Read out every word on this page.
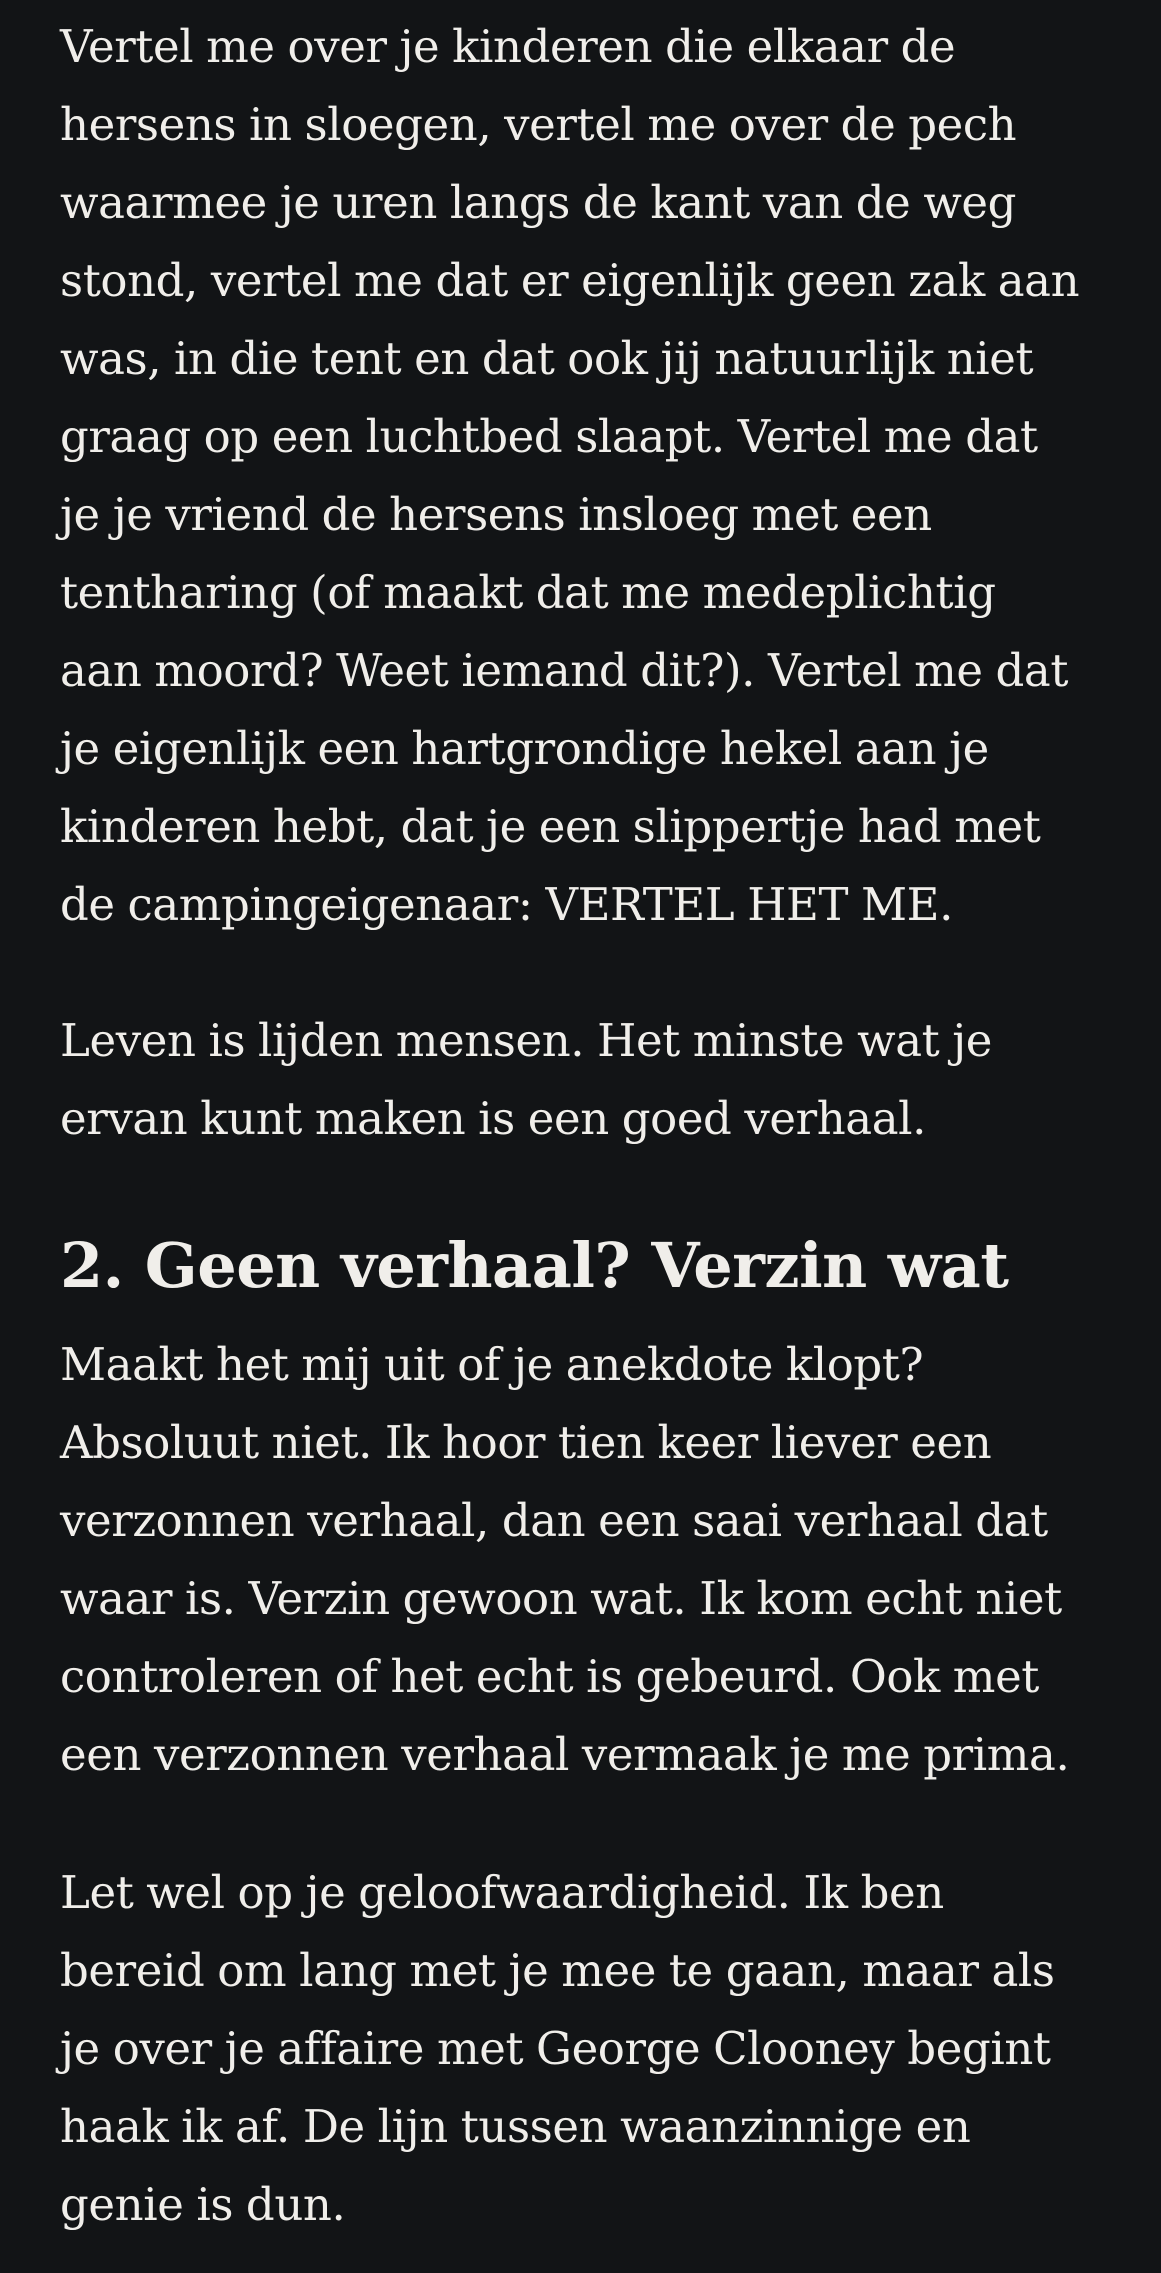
Vertel me over je kinderen die elkaar de
hersens in sloegen, vertel me over de pech
waarmee je uren langs de kant van de weg
stond, vertel me dat er eigenlijk geen zak aan
was, in die tent en dat ook jij natuurlijk niet
graag op een luchtbed slaapt. Vertel me dat
je je vriend de hersens insloeg met een
tentharing (of maakt dat me medeplichtig
aan moord? Weet iemand dit?). Vertel me dat
je eigenlijk een hartgrondige hekel aan je
kinderen hebt, dat je een slippertje had met
de campingeigenaar: VERTEL HET ME.

Leven is lijden mensen. Het minste wat je
ervan kunt maken is een goed verhaal.

2. Geen verhaal? Verzin wat

Maakt het mij uit of je anekdote klopt?
Absoluut niet. Ik hoor tien keer liever een
verzonnen verhaal, dan een saai verhaal dat
waar is. Verzin gewoon wat. Ik kom echt niet
controleren of het echt is gebeurd. Ook met
een verzonnen verhaal vermaak je me prima.

Let wel op je geloofwaardigheid. Ik ben
bereid om lang met je mee te gaan, maar als
je over je affaire met George Clooney begint
haak ik af. De lijn tussen waanzinnige en
genie is dun.
